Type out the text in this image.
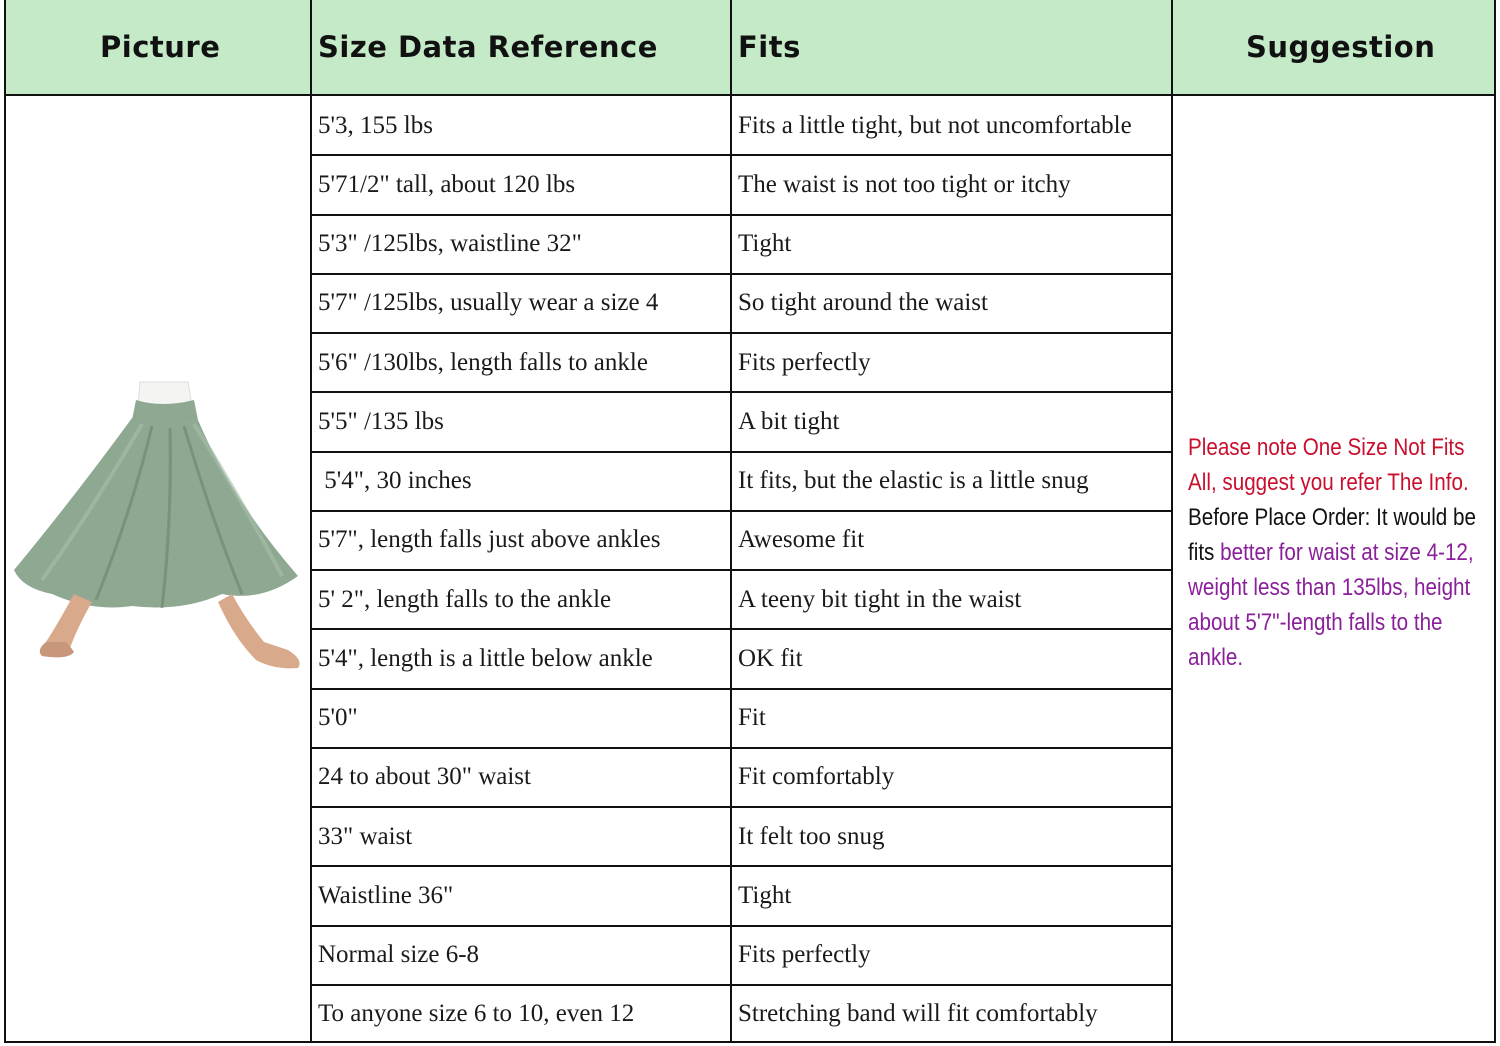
Picture	Size Data Reference	Fits	Suggestion
5'3, 155 lbs	Fits a little tight, but not uncomfortable
5'71/2" tall, about 120 lbs	The waist is not too tight or itchy
5'3" /125lbs, waistline 32"	Tight
5'7" /125lbs, usually wear a size 4	So tight around the waist
5'6" /130lbs, length falls to ankle	Fits perfectly
5'5" /135 lbs	A bit tight
5'4", 30 inches	It fits, but the elastic is a little snug
5'7", length falls just above ankles	Awesome fit
5' 2", length falls to the ankle	A teeny bit tight in the waist
5'4", length is a little below ankle	OK fit
5'0"	Fit
24 to about 30" waist	Fit comfortably
33" waist	It felt too snug
Waistline 36"	Tight
Normal size 6-8	Fits perfectly
To anyone size 6 to 10, even 12	Stretching band will fit comfortably
Please note One Size Not Fits All, suggest you refer The Info. Before Place Order: It would be fits better for waist at size 4-12, weight less than 135lbs, height about 5'7"-length falls to the ankle.
